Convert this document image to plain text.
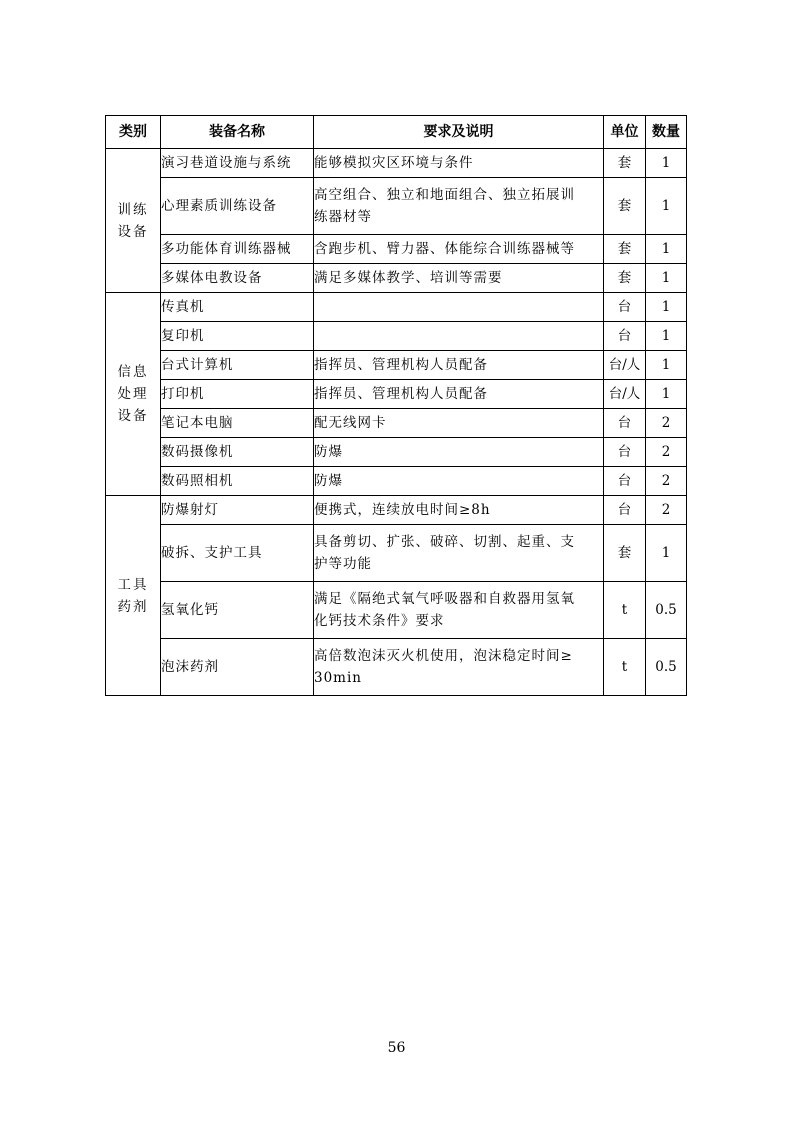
类别	装备名称	要求及说明	单位	数量

训练
设备	演习巷道设施与系统	能够模拟灾区环境与条件	套	1
	心理素质训练设备	高空组合、独立和地面组合、独立拓展训
练器材等	套	1
	多功能体育训练器械	含跑步机、臂力器、体能综合训练器械等	套	1
	多媒体电教设备	满足多媒体教学、培训等需要	套	1

信息
处理
设备	传真机		台	1
	复印机		台	1
	台式计算机	指挥员、管理机构人员配备	台/人	1
	打印机	指挥员、管理机构人员配备	台/人	1
	笔记本电脑	配无线网卡	台	2
	数码摄像机	防爆	台	2
	数码照相机	防爆	台	2

工具
药剂	防爆射灯	便携式，连续放电时间≥8h	台	2
	破拆、支护工具	具备剪切、扩张、破碎、切割、起重、支
护等功能	套	1
	氢氧化钙	满足《隔绝式氧气呼吸器和自救器用氢氧
化钙技术条件》要求	t	0.5
	泡沫药剂	高倍数泡沫灭火机使用，泡沫稳定时间≥
30min	t	0.5
56
